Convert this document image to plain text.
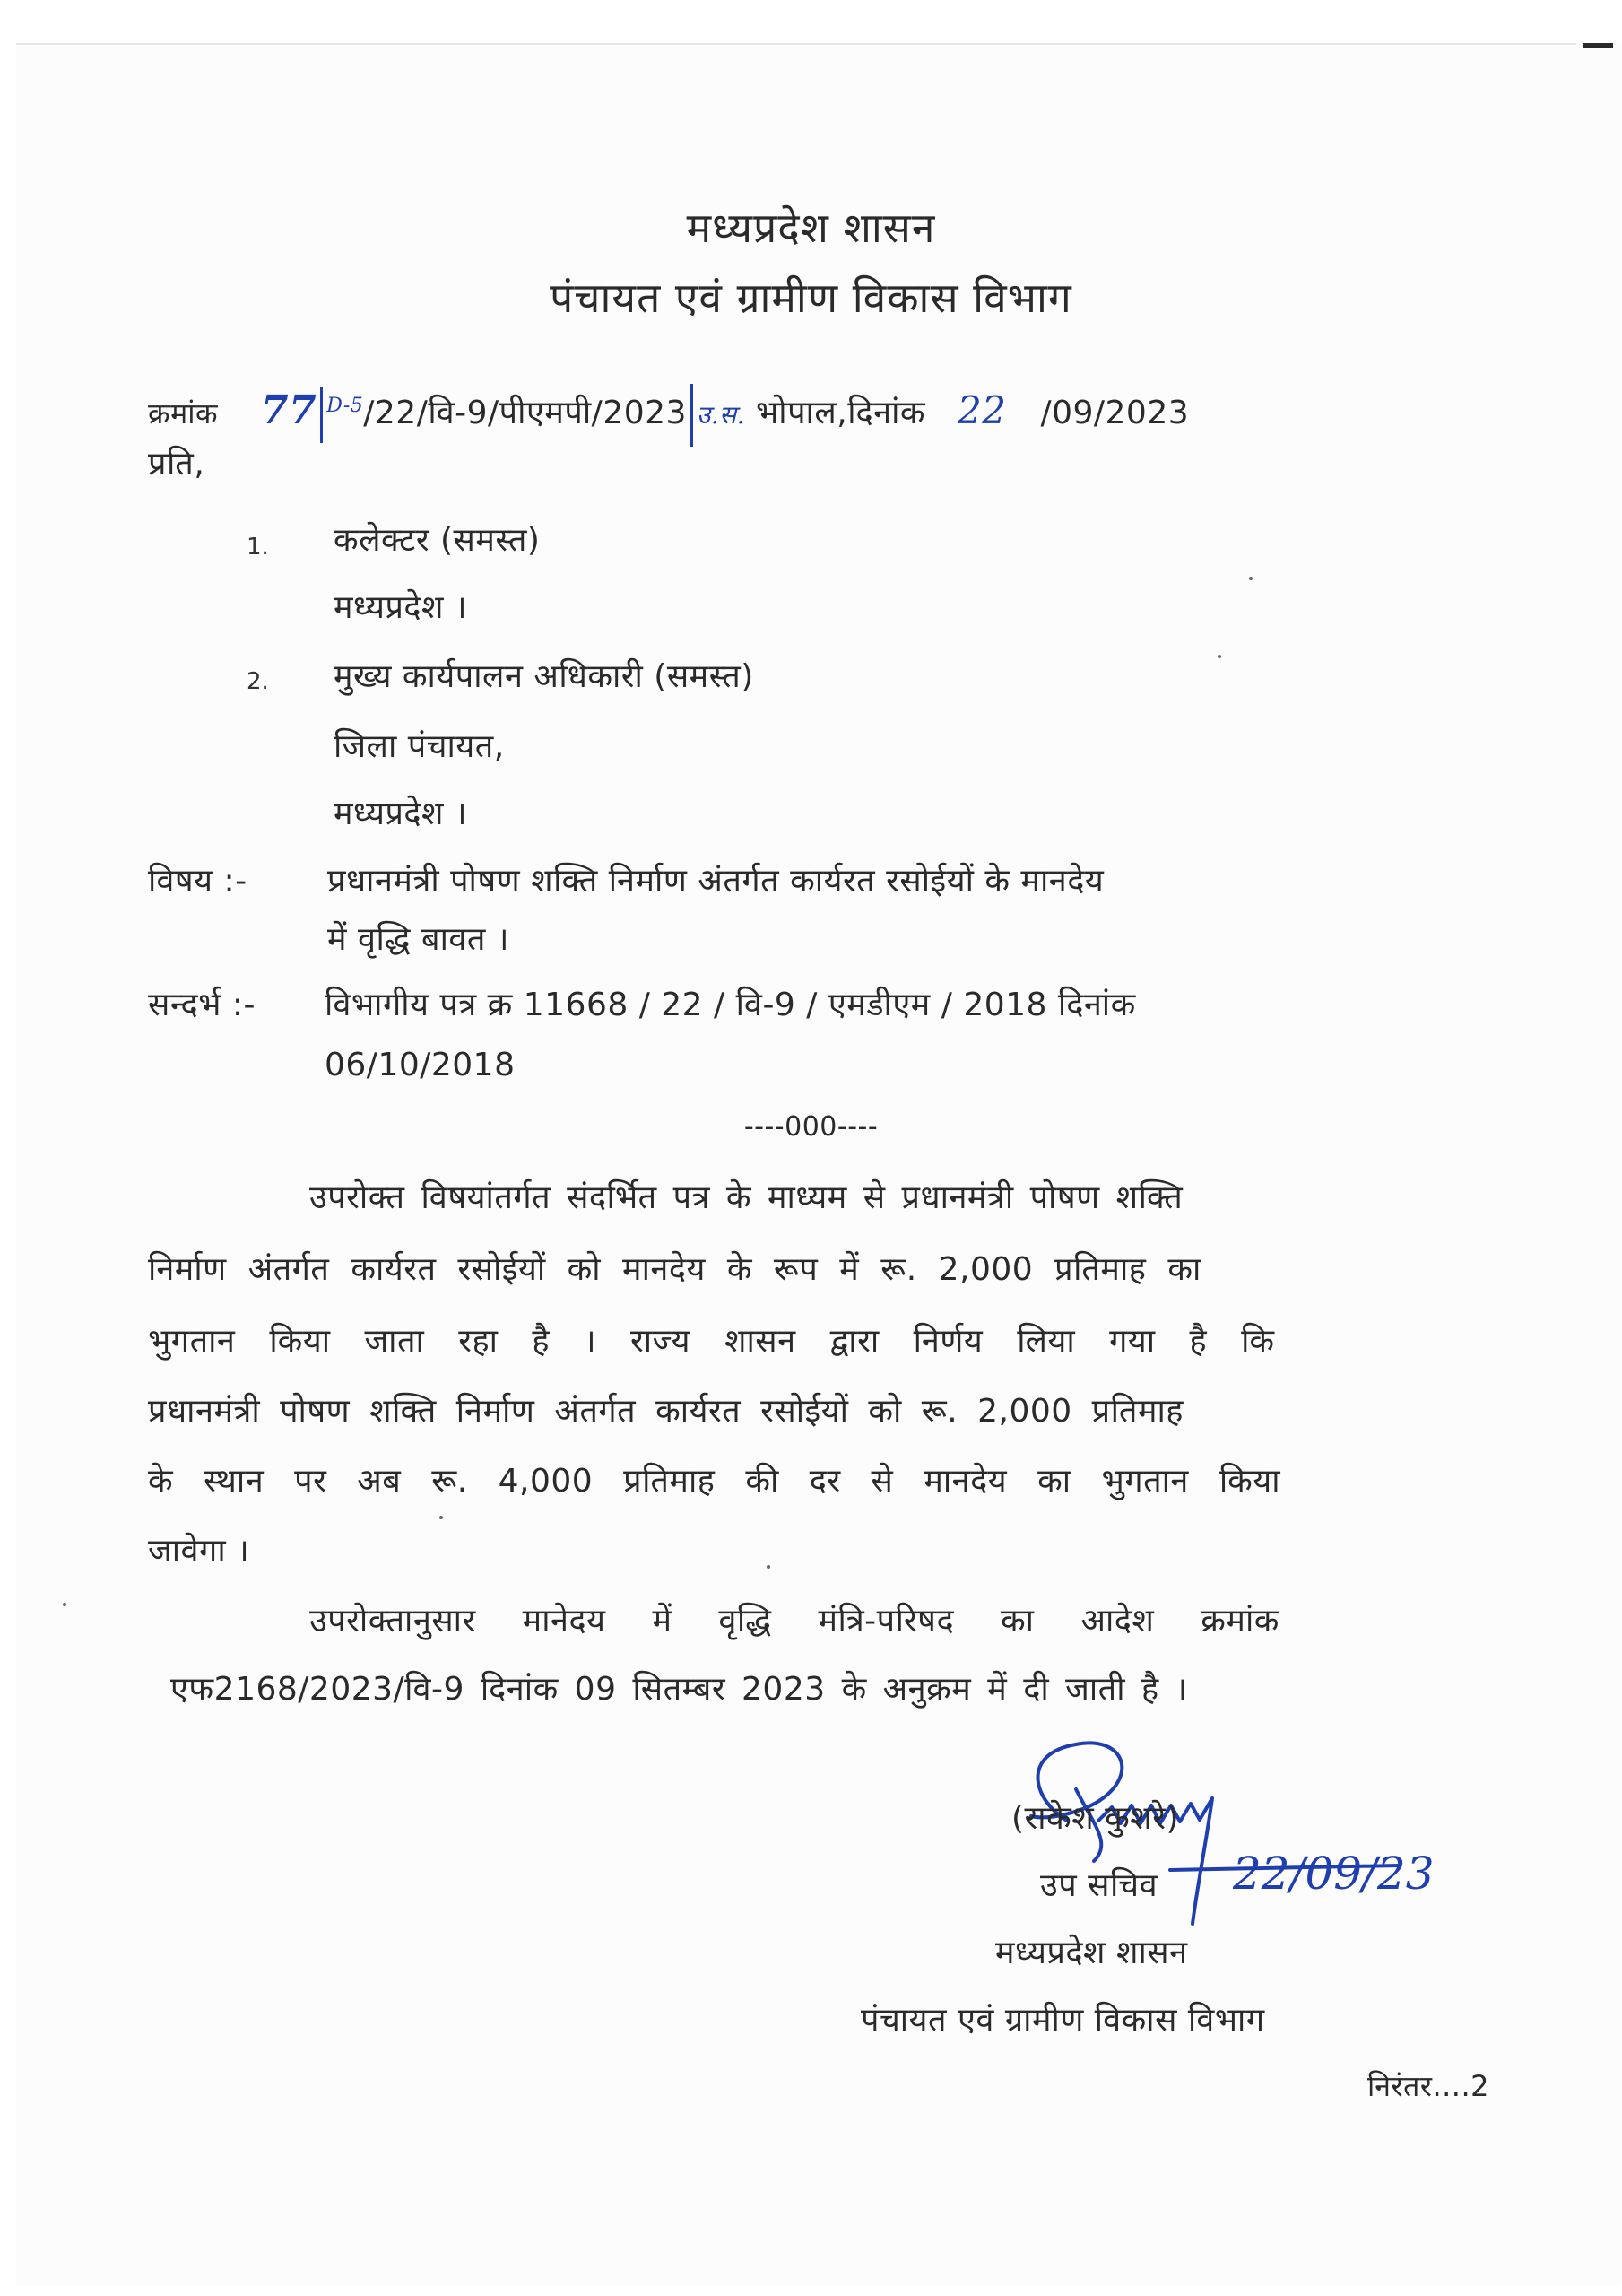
मध्यप्रदेश शासन
पंचायत एवं ग्रामीण विकास विभाग
क्रमांक 77 $^{D-5}$/22/वि-9/पीएमपी/2023 उ.स. भोपाल,दिनांक 22 /09/2023
प्रति,
1. कलेक्टर (समस्त)
मध्यप्रदेश ।
2. मुख्य कार्यपालन अधिकारी (समस्त)
जिला पंचायत,
मध्यप्रदेश ।
विषय :- प्रधानमंत्री पोषण शक्ति निर्माण अंतर्गत कार्यरत रसोईयों के मानदेय
में वृद्धि बावत ।
सन्दर्भ :- विभागीय पत्र क्र 11668 / 22 / वि-9 / एमडीएम / 2018 दिनांक
06/10/2018
----000----
उपरोक्त विषयांतर्गत संदर्भित पत्र के माध्यम से प्रधानमंत्री पोषण शक्ति
निर्माण अंतर्गत कार्यरत रसोईयों को मानदेय के रूप में रू. 2,000 प्रतिमाह का
भुगतान किया जाता रहा है । राज्य शासन द्वारा निर्णय लिया गया है कि
प्रधानमंत्री पोषण शक्ति निर्माण अंतर्गत कार्यरत रसोईयों को रू. 2,000 प्रतिमाह
के स्थान पर अब रू. 4,000 प्रतिमाह की दर से मानदेय का भुगतान किया
जावेगा ।
उपरोक्तानुसार मानेदय में वृद्धि मंत्रि-परिषद का आदेश क्रमांक
एफ2168/2023/वि-9 दिनांक 09 सितम्बर 2023 के अनुक्रम में दी जाती है ।
(राकेश कुशरे)
22/09/23
उप सचिव
मध्यप्रदेश शासन
पंचायत एवं ग्रामीण विकास विभाग
निरंतर....2
